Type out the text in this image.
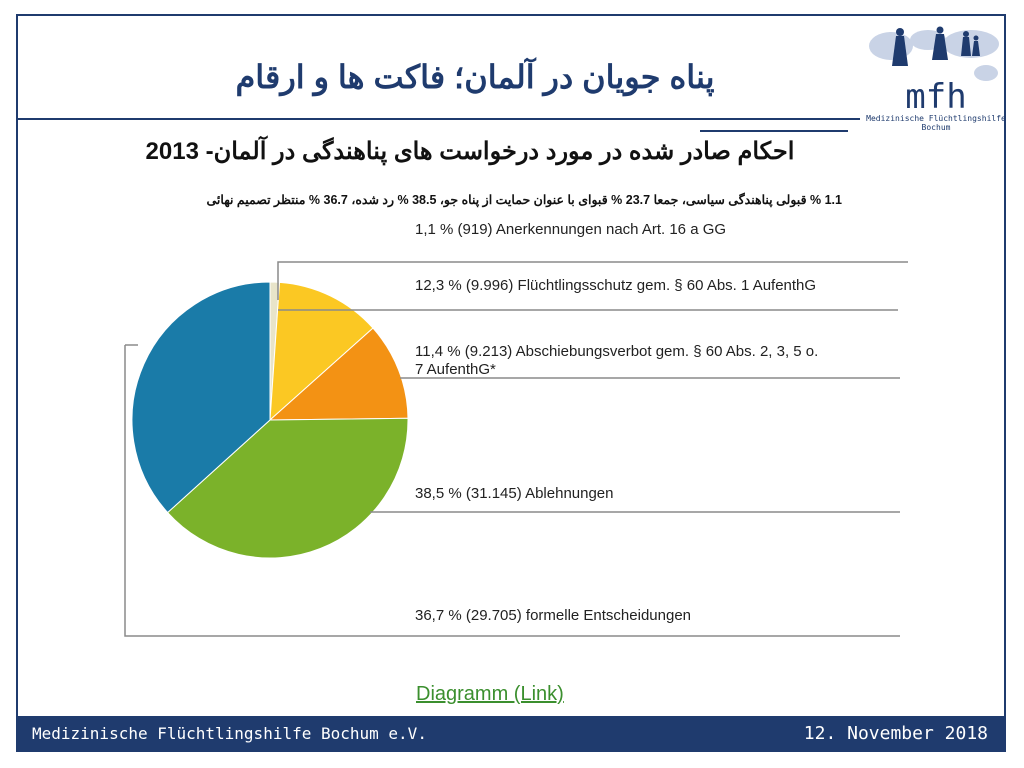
پناه جویان در آلمان؛ فاکت ها و ارقام	mfh
Medizinische Flüchtlingshilfe Bochum
احکام صادر شده در مورد درخواست های پناهندگی در آلمان- 2013
1.1 % قبولی پناهندگی سیاسی، جمعا 23.7 % قبوای با عنوان حمایت از پناه جو، 38.5 % رد شده، 36.7 % منتظر تصمیم نهائی
1,1 % (919) Anerkennungen nach Art. 16 a GG
12,3 % (9.996) Flüchtlingsschutz gem. § 60 Abs. 1 AufenthG
11,4 % (9.213) Abschiebungsverbot gem. § 60 Abs. 2, 3, 5 o. 7 AufenthG*
38,5 % (31.145) Ablehnungen
36,7 % (29.705) formelle Entscheidungen
Diagramm (Link)
Medizinische Flüchtlingshilfe Bochum e.V.	12. November 2018
